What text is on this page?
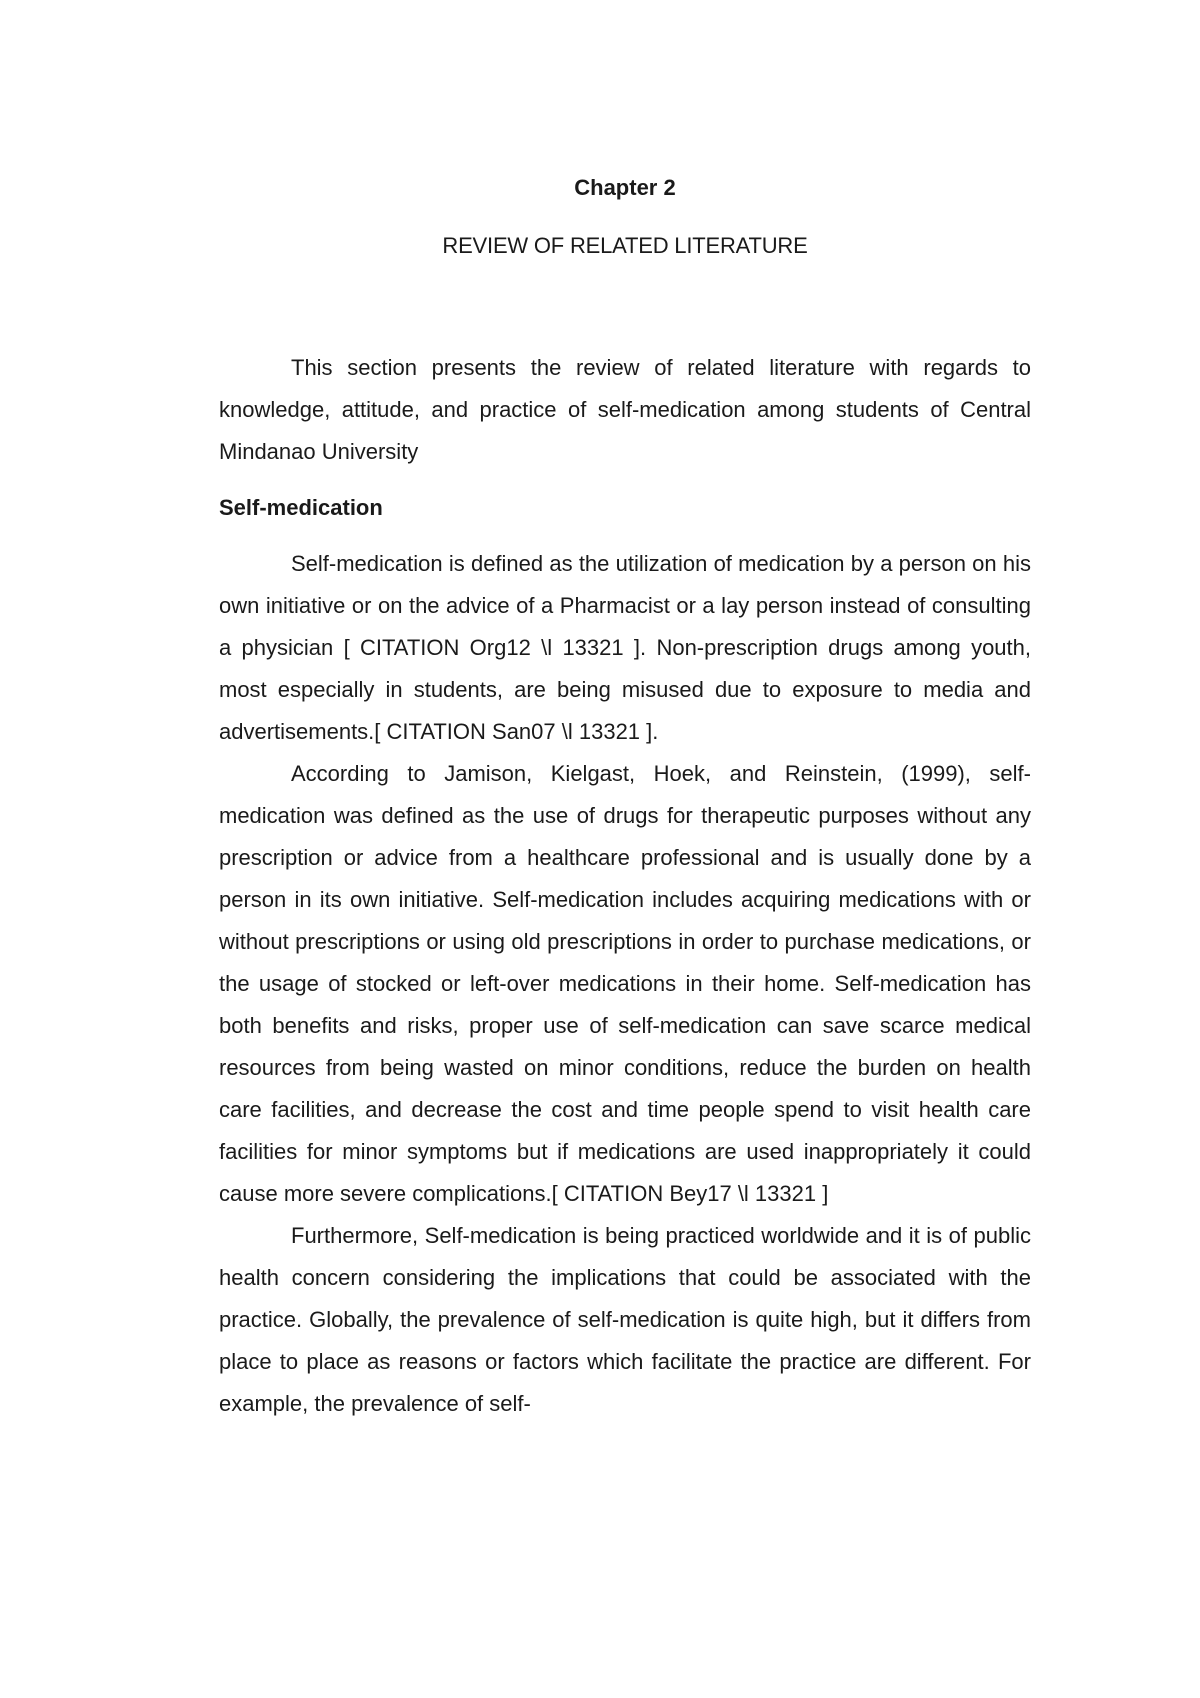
Chapter 2

REVIEW OF RELATED LITERATURE

This section presents the review of related literature with regards to knowledge, attitude, and practice of self-medication among students of Central Mindanao University

Self-medication

Self-medication is defined as the utilization of medication by a person on his own initiative or on the advice of a Pharmacist or a lay person instead of consulting a physician [ CITATION Org12 \l 13321 ]. Non-prescription drugs among youth, most especially in students, are being misused due to exposure to media and advertisements.[ CITATION San07 \l 13321 ].

According to Jamison, Kielgast, Hoek, and Reinstein, (1999), self-medication was defined as the use of drugs for therapeutic purposes without any prescription or advice from a healthcare professional and is usually done by a person in its own initiative. Self-medication includes acquiring medications with or without prescriptions or using old prescriptions in order to purchase medications, or the usage of stocked or left-over medications in their home. Self-medication has both benefits and risks, proper use of self-medication can save scarce medical resources from being wasted on minor conditions, reduce the burden on health care facilities, and decrease the cost and time people spend to visit health care facilities for minor symptoms but if medications are used inappropriately it could cause more severe complications.[ CITATION Bey17 \l 13321 ]

Furthermore, Self-medication is being practiced worldwide and it is of public health concern considering the implications that could be associated with the practice. Globally, the prevalence of self-medication is quite high, but it differs from place to place as reasons or factors which facilitate the practice are different. For example, the prevalence of self-
